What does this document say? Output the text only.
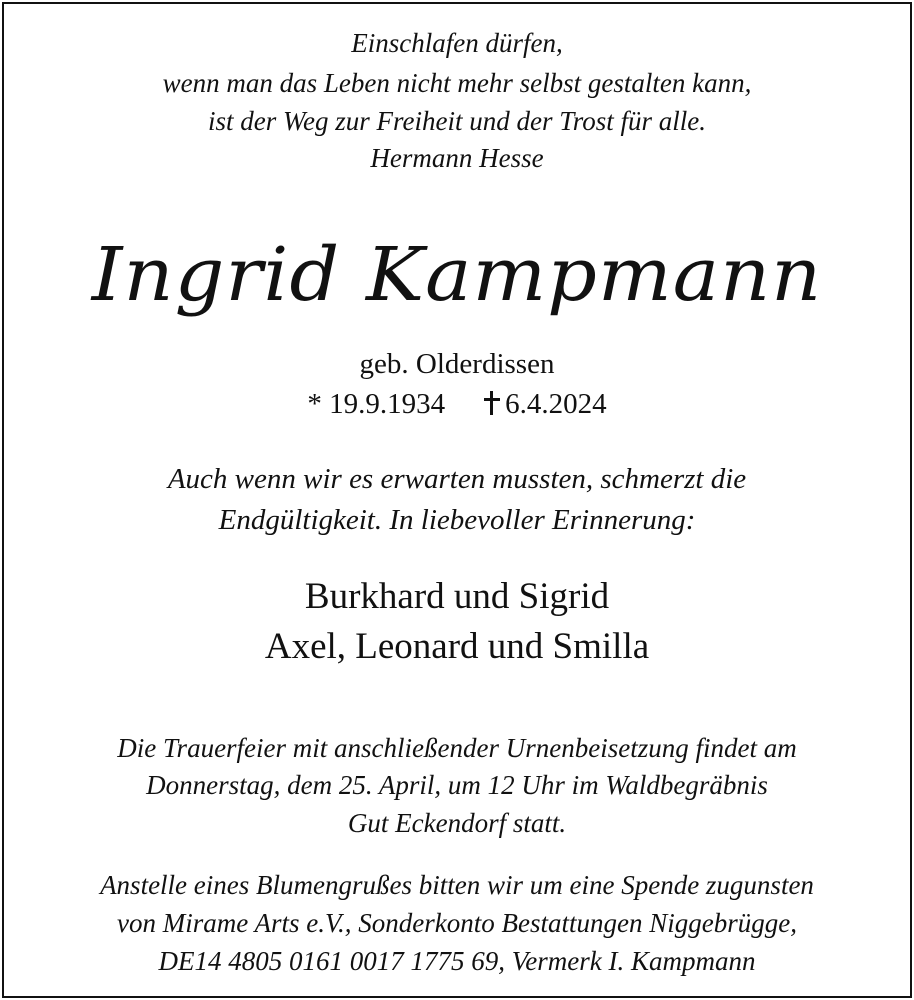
Einschlafen dürfen,
wenn man das Leben nicht mehr selbst gestalten kann,
ist der Weg zur Freiheit und der Trost für alle.
Hermann Hesse
Ingrid Kampmann
geb. Olderdissen
* 19.9.1934 6.4.2024
Auch wenn wir es erwarten mussten, schmerzt die
Endgültigkeit. In liebevoller Erinnerung:
Burkhard und Sigrid
Axel, Leonard und Smilla
Die Trauerfeier mit anschließender Urnenbeisetzung findet am
Donnerstag, dem 25. April, um 12 Uhr im Waldbegräbnis
Gut Eckendorf statt.
Anstelle eines Blumengrußes bitten wir um eine Spende zugunsten
von Mirame Arts e.V., Sonderkonto Bestattungen Niggebrügge,
DE14 4805 0161 0017 1775 69, Vermerk I. Kampmann
